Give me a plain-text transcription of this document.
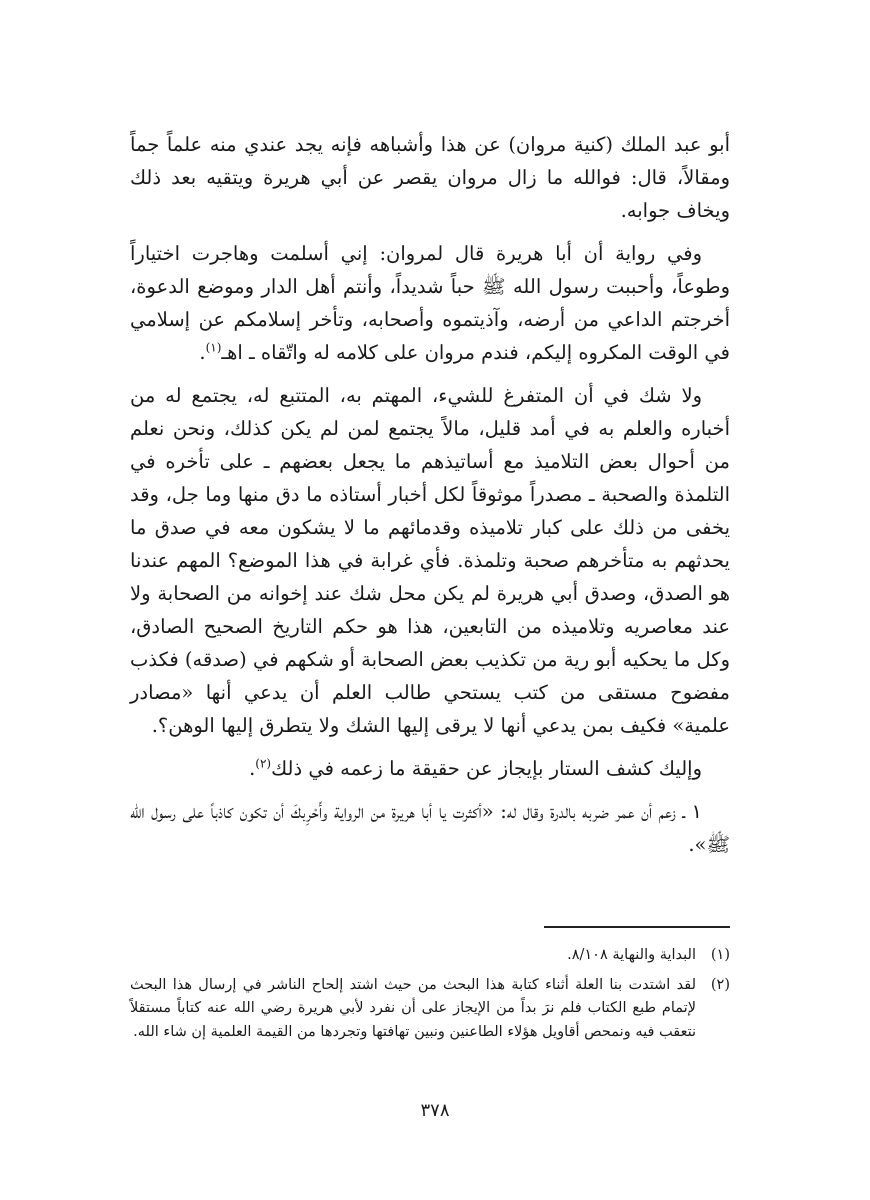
أبو عبد الملك (كنية مروان) عن هذا وأشباهه فإنه يجد عندي منه علماً جماً ومقالاً، قال: فوالله ما زال مروان يقصر عن أبي هريرة ويتقيه بعد ذلك ويخاف جوابه.

وفي رواية أن أبا هريرة قال لمروان: إني أسلمت وهاجرت اختياراً وطوعاً، وأحببت رسول الله ﷺ حباً شديداً، وأنتم أهل الدار وموضع الدعوة، أخرجتم الداعي من أرضه، وآذيتموه وأصحابه، وتأخر إسلامكم عن إسلامي في الوقت المكروه إليكم، فندم مروان على كلامه له واتّقاه ـ اهـ$^{(١)}$.

ولا شك في أن المتفرغ للشيء، المهتم به، المتتبع له، يجتمع له من أخباره والعلم به في أمد قليل، مالاً يجتمع لمن لم يكن كذلك، ونحن نعلم من أحوال بعض التلاميذ مع أساتيذهم ما يجعل بعضهم ـ على تأخره في التلمذة والصحبة ـ مصدراً موثوقاً لكل أخبار أستاذه ما دق منها وما جل، وقد يخفى من ذلك على كبار تلاميذه وقدمائهم ما لا يشكون معه في صدق ما يحدثهم به متأخرهم صحبة وتلمذة. فأي غرابة في هذا الموضع؟ المهم عندنا هو الصدق، وصدق أبي هريرة لم يكن محل شك عند إخوانه من الصحابة ولا عند معاصريه وتلاميذه من التابعين، هذا هو حكم التاريخ الصحيح الصادق، وكل ما يحكيه أبو رية من تكذيب بعض الصحابة أو شكهم في (صدقه) فكذب مفضوح مستقى من كتب يستحي طالب العلم أن يدعي أنها «مصادر علمية» فكيف بمن يدعي أنها لا يرقى إليها الشك ولا يتطرق إليها الوهن؟.

وإليك كشف الستار بإيجاز عن حقيقة ما زعمه في ذلك$^{(٢)}$.

١ ـ زعم أن عمر ضربه بالدرة وقال له: «أكثرت يا أبا هريرة من الرواية وأَحْرِبكَ أن تكون كاذباً على رسول الله ﷺ».

(١)
البداية والنهاية ٨/١٠٨.
(٢)
لقد اشتدت بنا العلة أثناء كتابة هذا البحث من حيث اشتد إلحاح الناشر في إرسال هذا البحث لإتمام طبع الكتاب فلم نرَ بداً من الإيجاز على أن نفرد لأبي هريرة رضي الله عنه كتاباً مستقلاً نتعقب فيه ونمحص أقاويل هؤلاء الطاعنين ونبين تهافتها وتجردها من القيمة العلمية إن شاء الله.
٣٧٨
